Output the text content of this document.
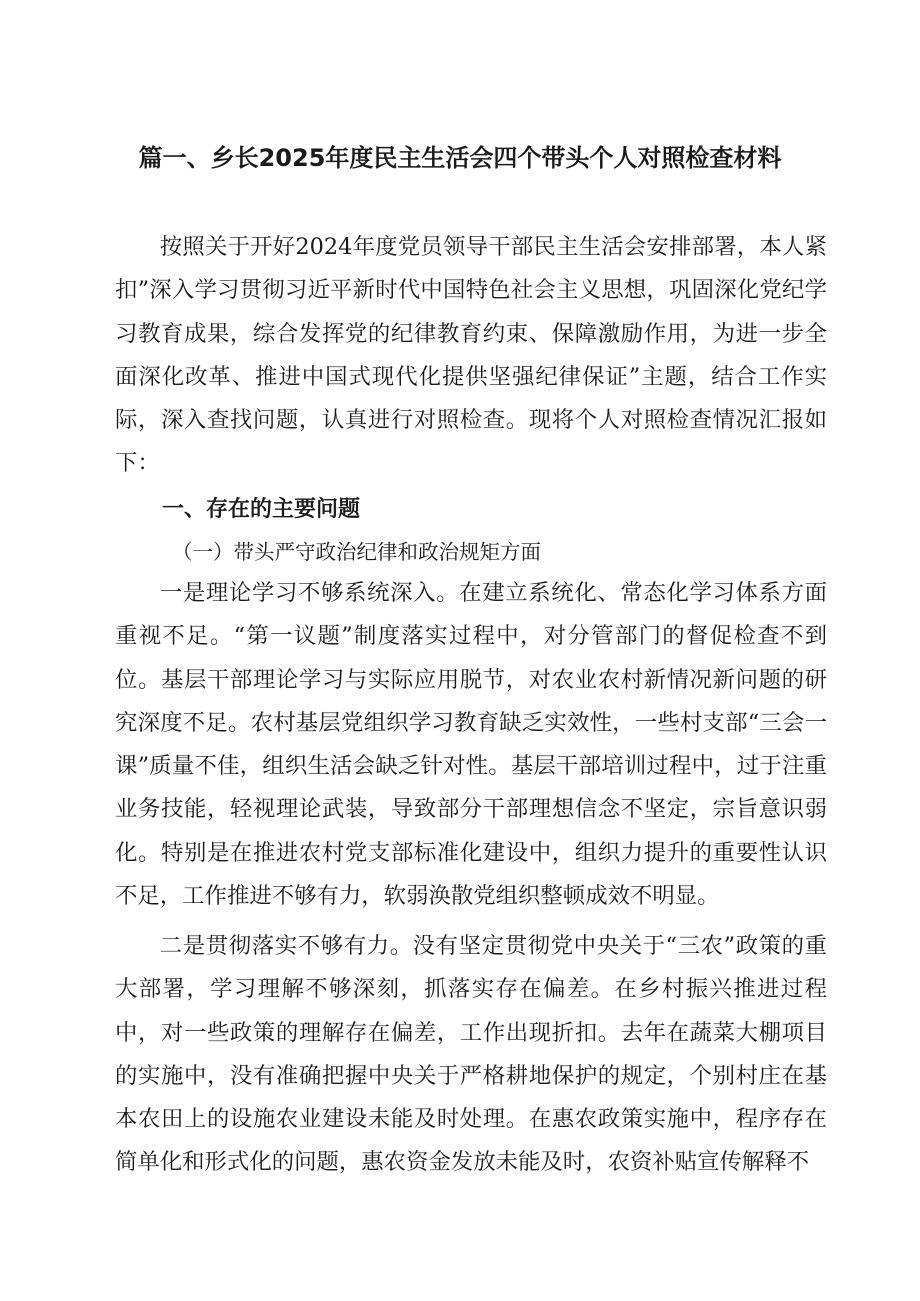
篇一、乡长2025年度民主生活会四个带头个人对照检查材料

按照关于开好2024年度党员领导干部民主生活会安排部署，本人紧扣”深入学习贯彻习近平新时代中国特色社会主义思想，巩固深化党纪学习教育成果，综合发挥党的纪律教育约束、保障激励作用，为进一步全面深化改革、推进中国式现代化提供坚强纪律保证”主题，结合工作实际，深入查找问题，认真进行对照检查。现将个人对照检查情况汇报如下：

一、存在的主要问题
（一）带头严守政治纪律和政治规矩方面

一是理论学习不够系统深入。在建立系统化、常态化学习体系方面重视不足。“第一议题”制度落实过程中，对分管部门的督促检查不到位。基层干部理论学习与实际应用脱节，对农业农村新情况新问题的研究深度不足。农村基层党组织学习教育缺乏实效性，一些村支部“三会一课”质量不佳，组织生活会缺乏针对性。基层干部培训过程中，过于注重业务技能，轻视理论武装，导致部分干部理想信念不坚定，宗旨意识弱化。特别是在推进农村党支部标准化建设中，组织力提升的重要性认识不足，工作推进不够有力，软弱涣散党组织整顿成效不明显。

二是贯彻落实不够有力。没有坚定贯彻党中央关于“三农”政策的重大部署，学习理解不够深刻，抓落实存在偏差。在乡村振兴推进过程中，对一些政策的理解存在偏差，工作出现折扣。去年在蔬菜大棚项目的实施中，没有准确把握中央关于严格耕地保护的规定，个别村庄在基本农田上的设施农业建设未能及时处理。在惠农政策实施中，程序存在简单化和形式化的问题，惠农资金发放未能及时，农资补贴宣传解释不
